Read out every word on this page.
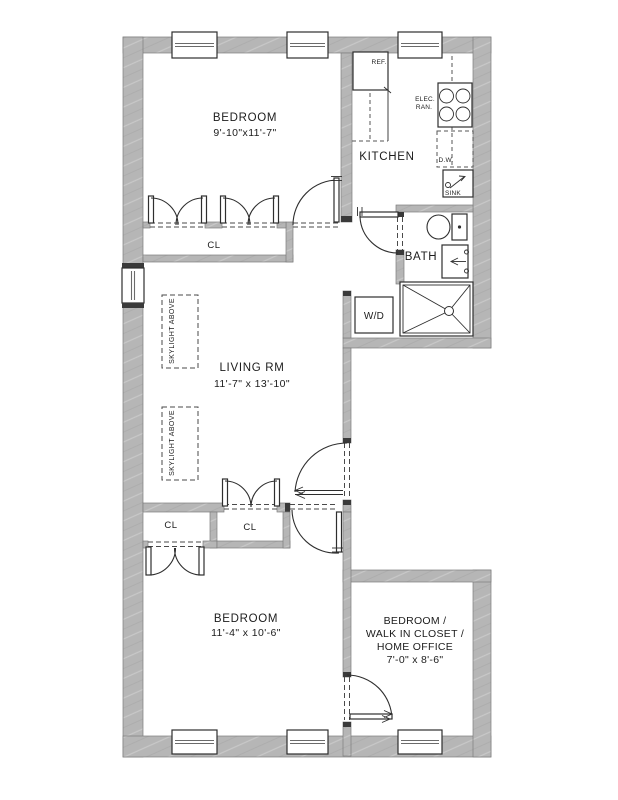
BEDROOM
9'-10"x11'-7"
KITCHEN
BATH
LIVING RM
11'-7" x 13'-10"
BEDROOM
11'-4" x 10'-6"
BEDROOM /
WALK IN CLOSET /
HOME OFFICE
7'-0" x 8'-6"
CL
CL	CL
W/D
REF.
ELEC.
RAN.
D.W.
SINK
SKYLIGHT ABOVE
SKYLIGHT ABOVE
